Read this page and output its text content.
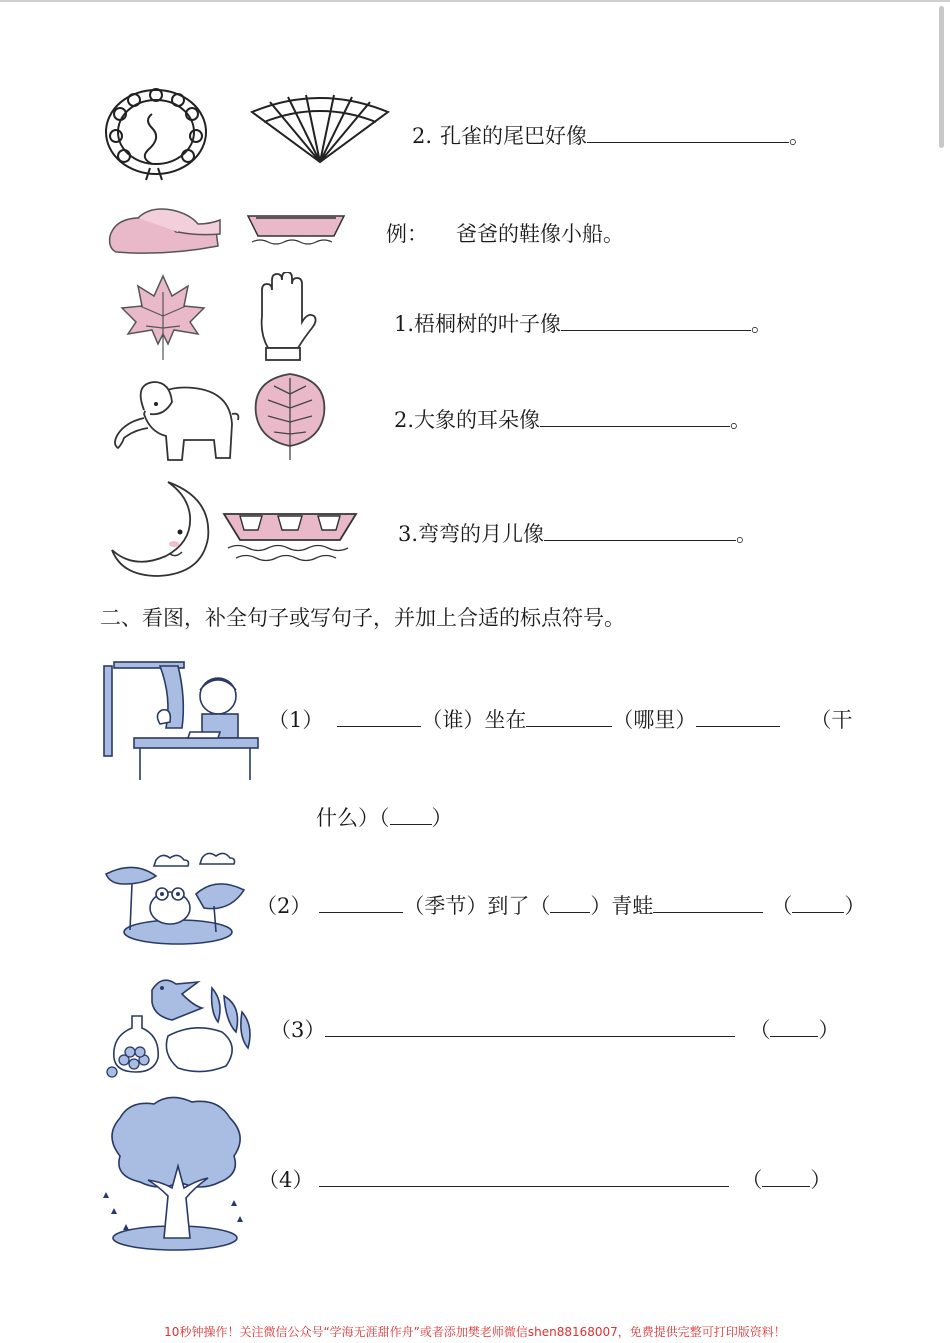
2. 孔雀的尾巴好像	。
例： 爸爸的鞋像小船。
1.梧桐树的叶子像	。
2.大象的耳朵像	。
3.弯弯的月儿像	。
二、看图，补全句子或写句子，并加上合适的标点符号。
（1）	（谁）坐在	（哪里）	（干
什么）（ ）
（2）	（季节）到了（ ）青蛙	（ ）
（3）	（ ）
（4）	（ ）
10秒钟操作！关注微信公众号“学海无涯甜作舟”或者添加樊老师微信shen88168007，免费提供完整可打印版资料！
